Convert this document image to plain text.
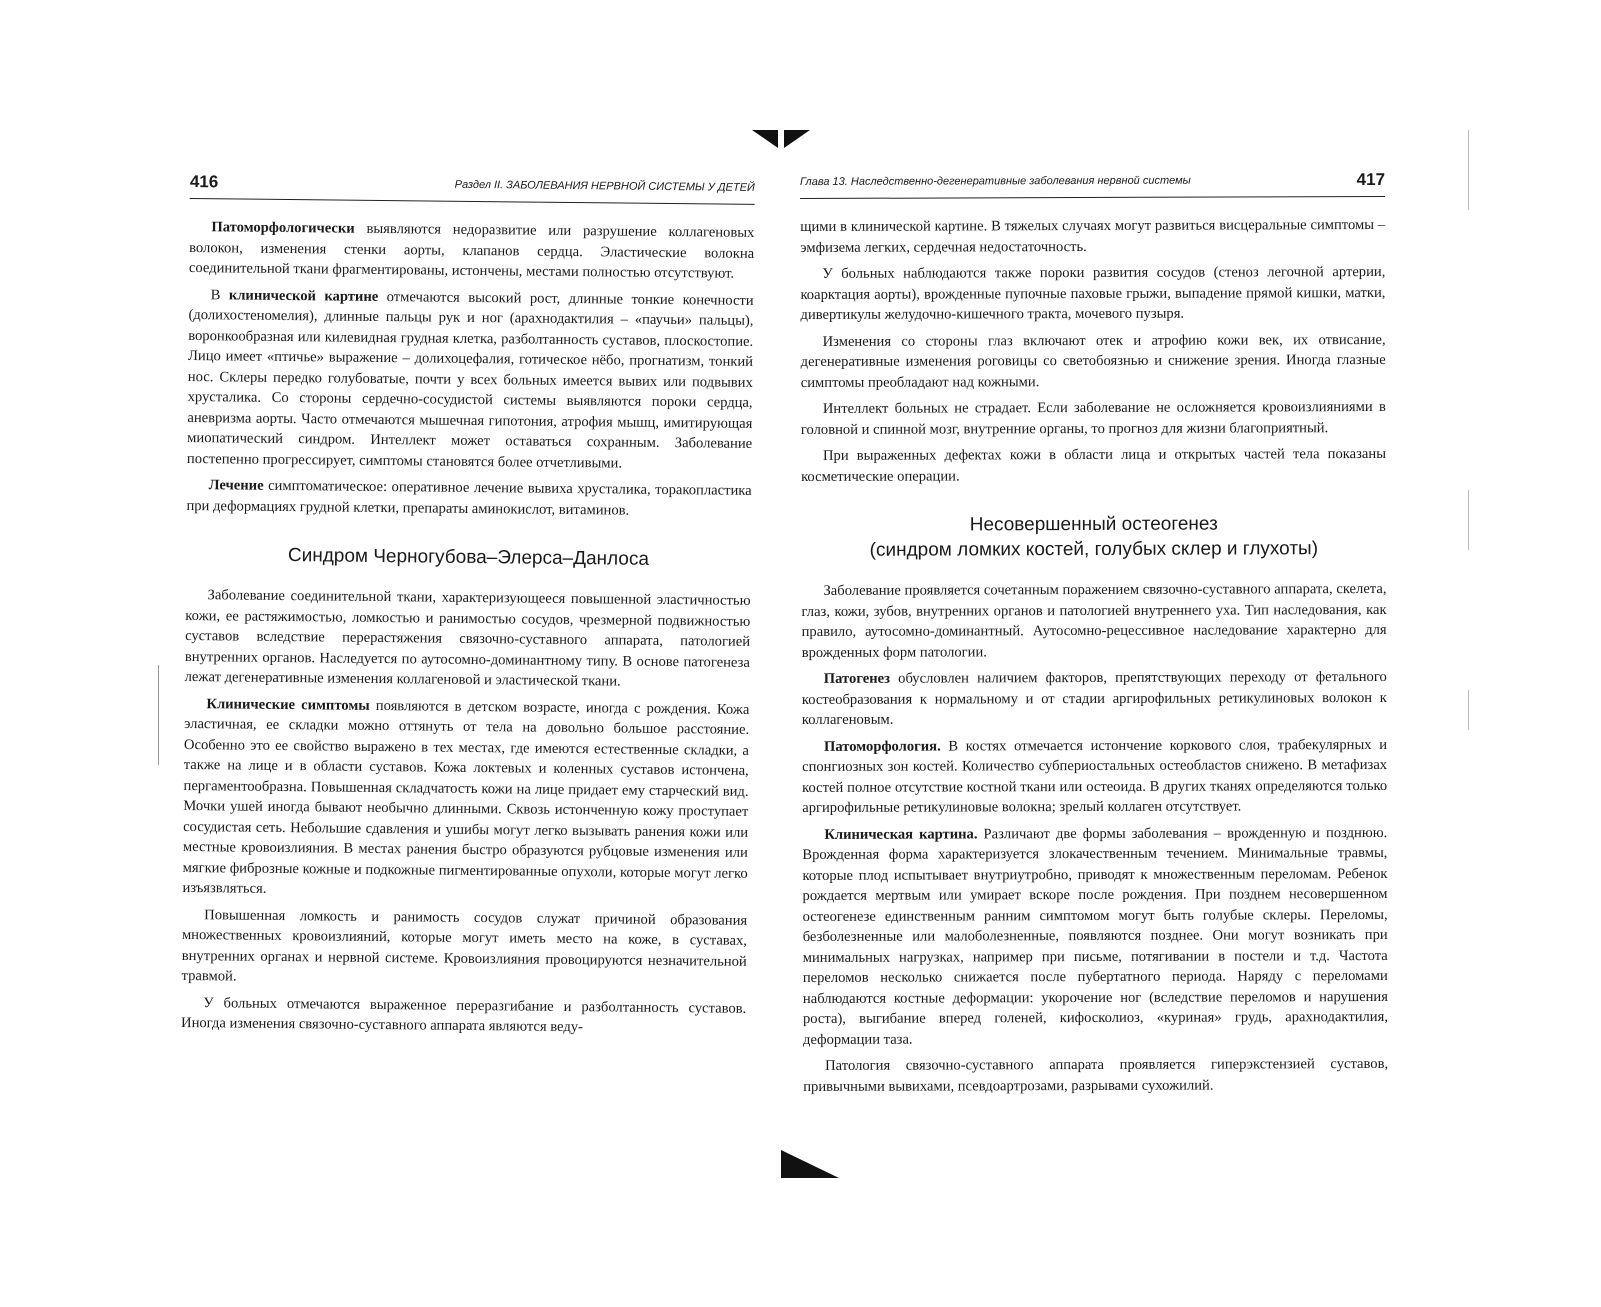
416	Раздел II. ЗАБОЛЕВАНИЯ НЕРВНОЙ СИСТЕМЫ У ДЕТЕЙ

Патоморфологически выявляются недоразвитие или разрушение коллагеновых волокон, изменения стенки аорты, клапанов сердца. Эластические волокна соединительной ткани фрагментированы, истончены, местами полностью отсутствуют.

В клинической картине отмечаются высокий рост, длинные тонкие конечности (долихостеномелия), длинные пальцы рук и ног (арахнодактилия – «паучьи» пальцы), воронкообразная или килевидная грудная клетка, разболтанность суставов, плоскостопие. Лицо имеет «птичье» выражение – долихоцефалия, готическое нёбо, прогнатизм, тонкий нос. Склеры передко голубоватые, почти у всех больных имеется вывих или подвывих хрусталика. Со стороны сердечно-сосудистой системы выявляются пороки сердца, аневризма аорты. Часто отмечаются мышечная гипотония, атрофия мышц, имитирующая миопатический синдром. Интеллект может оставаться сохранным. Заболевание постепенно прогрессирует, симптомы становятся более отчетливыми.

Лечение симптоматическое: оперативное лечение вывиха хрусталика, торакопластика при деформациях грудной клетки, препараты аминокислот, витаминов.

Синдром Черногубова–Элерса–Данлоса

Заболевание соединительной ткани, характеризующееся повышенной эластичностью кожи, ее растяжимостью, ломкостью и ранимостью сосудов, чрезмерной подвижностью суставов вследствие перерастяжения связочно-суставного аппарата, патологией внутренних органов. Наследуется по аутосомно-доминантному типу. В основе патогенеза лежат дегенеративные изменения коллагеновой и эластической ткани.

Клинические симптомы появляются в детском возрасте, иногда с рождения. Кожа эластичная, ее складки можно оттянуть от тела на довольно большое расстояние. Особенно это ее свойство выражено в тех местах, где имеются естественные складки, а также на лице и в области суставов. Кожа локтевых и коленных суставов истончена, пергаментообразна. Повышенная складчатость кожи на лице придает ему старческий вид. Мочки ушей иногда бывают необычно длинными. Сквозь истонченную кожу проступает сосудистая сеть. Небольшие сдавления и ушибы могут легко вызывать ранения кожи или местные кровоизлияния. В местах ранения быстро образуются рубцовые изменения или мягкие фиброзные кожные и подкожные пигментированные опухоли, которые могут легко изъязвляться.

Повышенная ломкость и ранимость сосудов служат причиной образования множественных кровоизлияний, которые могут иметь место на коже, в суставах, внутренних органах и нервной системе. Кровоизлияния провоцируются незначительной травмой.

У больных отмечаются выраженное переразгибание и разболтанность суставов. Иногда изменения связочно-суставного аппарата являются веду-

Глава 13. Наследственно-дегенеративные заболевания нервной системы	417

щими в клинической картине. В тяжелых случаях могут развиться висцеральные симптомы – эмфизема легких, сердечная недостаточность.

У больных наблюдаются также пороки развития сосудов (стеноз легочной артерии, коарктация аорты), врожденные пупочные паховые грыжи, выпадение прямой кишки, матки, дивертикулы желудочно-кишечного тракта, мочевого пузыря.

Изменения со стороны глаз включают отек и атрофию кожи век, их отвисание, дегенеративные изменения роговицы со светобоязнью и снижение зрения. Иногда глазные симптомы преобладают над кожными.

Интеллект больных не страдает. Если заболевание не осложняется кровоизлияниями в головной и спинной мозг, внутренние органы, то прогноз для жизни благоприятный.

При выраженных дефектах кожи в области лица и открытых частей тела показаны косметические операции.

Несовершенный остеогенез
(синдром ломких костей, голубых склер и глухоты)

Заболевание проявляется сочетанным поражением связочно-суставного аппарата, скелета, глаз, кожи, зубов, внутренних органов и патологией внутреннего уха. Тип наследования, как правило, аутосомно-доминантный. Аутосомно-рецессивное наследование характерно для врожденных форм патологии.

Патогенез обусловлен наличием факторов, препятствующих переходу от фетального костеобразования к нормальному и от стадии аргирофильных ретикулиновых волокон к коллагеновым.

Патоморфология. В костях отмечается истончение коркового слоя, трабекулярных и спонгиозных зон костей. Количество субпериостальных остеобластов снижено. В метафизах костей полное отсутствие костной ткани или остеоида. В других тканях определяются только аргирофильные ретикулиновые волокна; зрелый коллаген отсутствует.

Клиническая картина. Различают две формы заболевания – врожденную и позднюю. Врожденная форма характеризуется злокачественным течением. Минимальные травмы, которые плод испытывает внутриутробно, приводят к множественным переломам. Ребенок рождается мертвым или умирает вскоре после рождения. При позднем несовершенном остеогенезе единственным ранним симптомом могут быть голубые склеры. Переломы, безболезненные или малоболезненные, появляются позднее. Они могут возникать при минимальных нагрузках, например при письме, потягивании в постели и т.д. Частота переломов несколько снижается после пубертатного периода. Наряду с переломами наблюдаются костные деформации: укорочение ног (вследствие переломов и нарушения роста), выгибание вперед голеней, кифосколиоз, «куриная» грудь, арахнодактилия, деформации таза.

Патология связочно-суставного аппарата проявляется гиперэкстензией суставов, привычными вывихами, псевдоартрозами, разрывами сухожилий.
